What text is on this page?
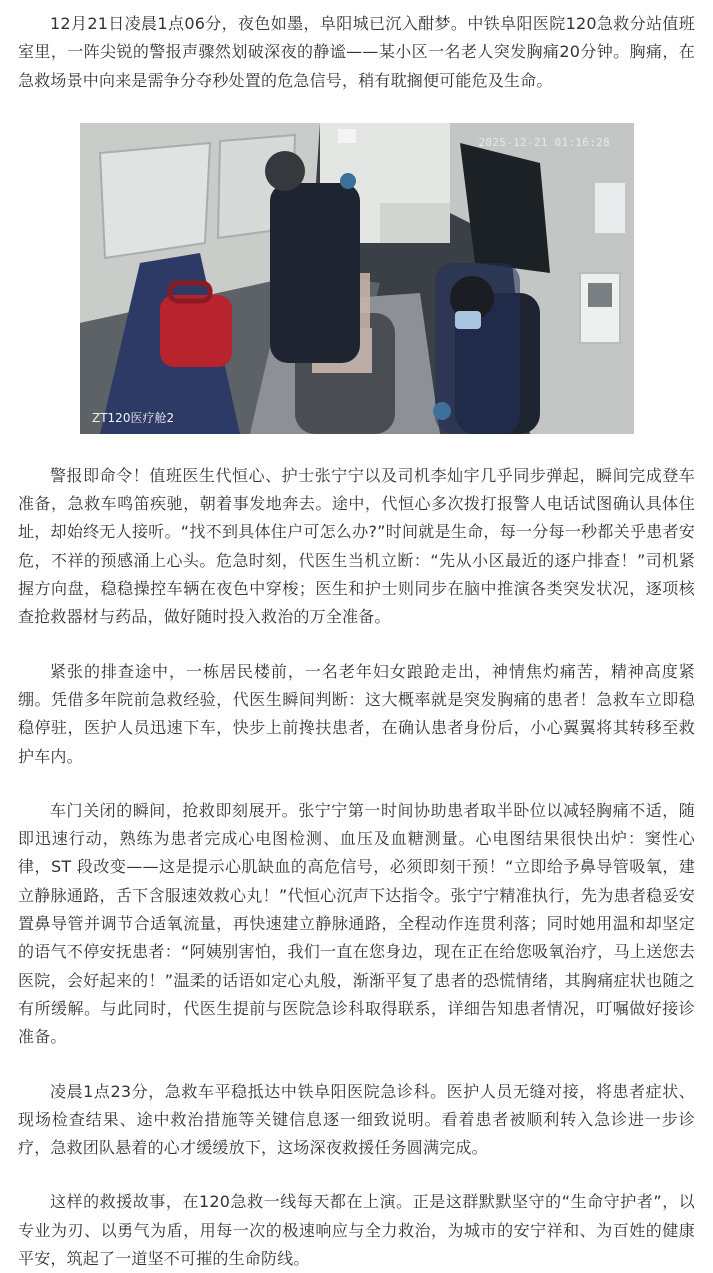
12月21日凌晨1点06分，夜色如墨，阜阳城已沉入酣梦。中铁阜阳医院120急救分站值班室里，一阵尖锐的警报声骤然划破深夜的静谧——某小区一名老人突发胸痛20分钟。胸痛，在急救场景中向来是需争分夺秒处置的危急信号，稍有耽搁便可能危及生命。

2025-12-21 01:16:28
ZT120医疗舱2

警报即命令！值班医生代恒心、护士张宁宁以及司机李灿宇几乎同步弹起，瞬间完成登车准备，急救车鸣笛疾驰，朝着事发地奔去。途中，代恒心多次拨打报警人电话试图确认具体住址，却始终无人接听。“找不到具体住户可怎么办?”时间就是生命，每一分每一秒都关乎患者安危，不祥的预感涌上心头。危急时刻，代医生当机立断：“先从小区最近的逐户排查！”司机紧握方向盘，稳稳操控车辆在夜色中穿梭；医生和护士则同步在脑中推演各类突发状况，逐项核查抢救器材与药品，做好随时投入救治的万全准备。

紧张的排查途中，一栋居民楼前，一名老年妇女踉跄走出，神情焦灼痛苦，精神高度紧绷。凭借多年院前急救经验，代医生瞬间判断：这大概率就是突发胸痛的患者！急救车立即稳稳停驻，医护人员迅速下车，快步上前搀扶患者，在确认患者身份后，小心翼翼将其转移至救护车内。

车门关闭的瞬间，抢救即刻展开。张宁宁第一时间协助患者取半卧位以减轻胸痛不适，随即迅速行动，熟练为患者完成心电图检测、血压及血糖测量。心电图结果很快出炉：窦性心律，ST 段改变——这是提示心肌缺血的高危信号，必须即刻干预！“立即给予鼻导管吸氧，建立静脉通路，舌下含服速效救心丸！”代恒心沉声下达指令。张宁宁精准执行，先为患者稳妥安置鼻导管并调节合适氧流量，再快速建立静脉通路，全程动作连贯利落；同时她用温和却坚定的语气不停安抚患者：“阿姨别害怕，我们一直在您身边，现在正在给您吸氧治疗，马上送您去医院，会好起来的！”温柔的话语如定心丸般，渐渐平复了患者的恐慌情绪，其胸痛症状也随之有所缓解。与此同时，代医生提前与医院急诊科取得联系，详细告知患者情况，叮嘱做好接诊准备。

凌晨1点23分，急救车平稳抵达中铁阜阳医院急诊科。医护人员无缝对接，将患者症状、现场检查结果、途中救治措施等关键信息逐一细致说明。看着患者被顺利转入急诊进一步诊疗，急救团队悬着的心才缓缓放下，这场深夜救援任务圆满完成。

这样的救援故事，在120急救一线每天都在上演。正是这群默默坚守的“生命守护者”，以专业为刃、以勇气为盾，用每一次的极速响应与全力救治，为城市的安宁祥和、为百姓的健康平安，筑起了一道坚不可摧的生命防线。
